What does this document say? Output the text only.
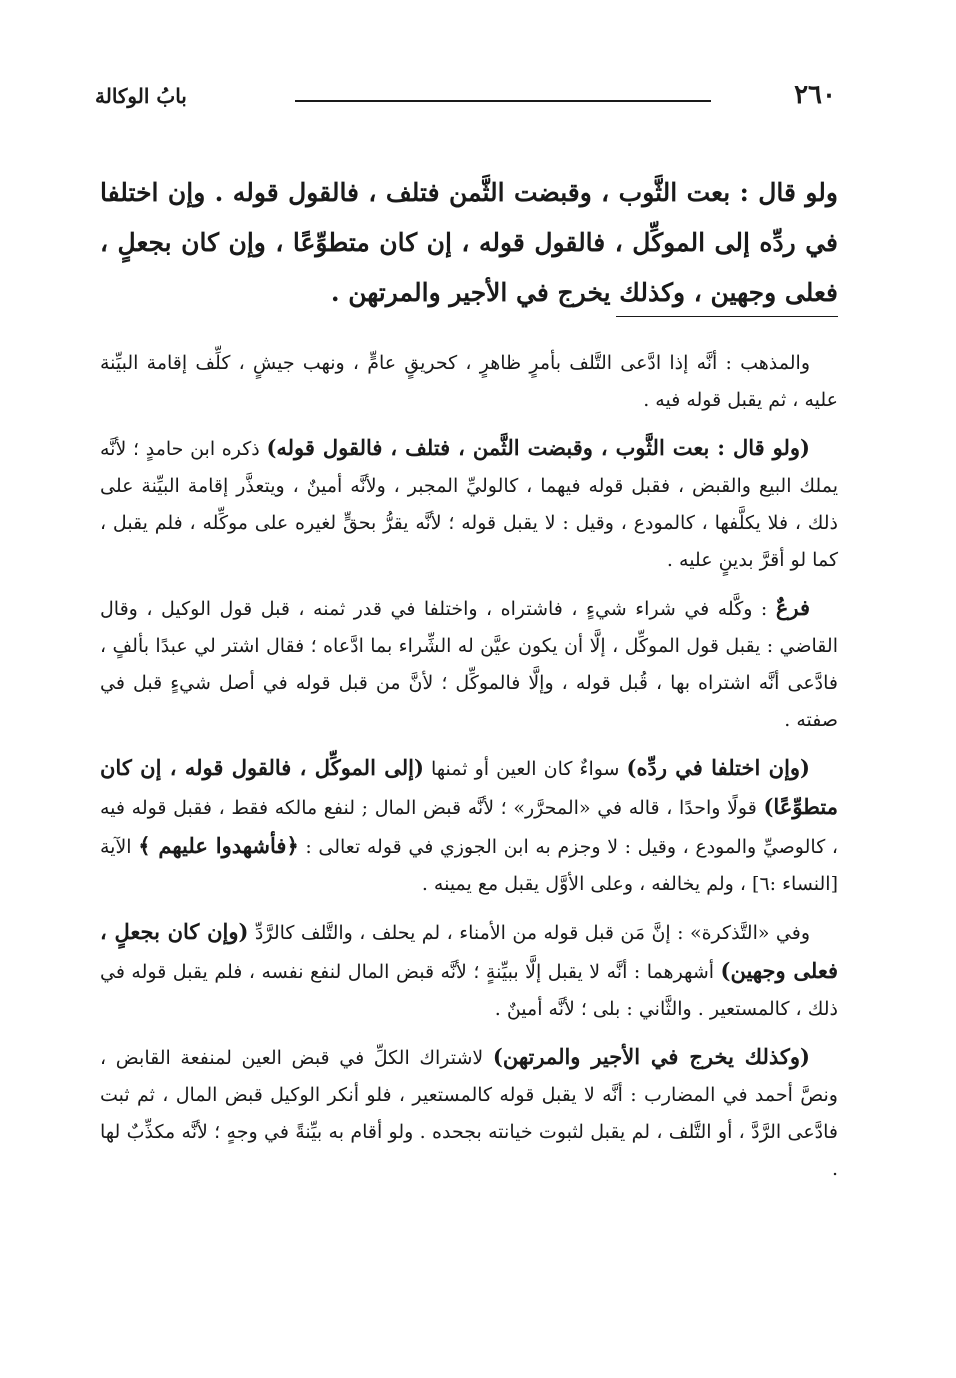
٢٦٠
بابُ الوكالة
ولو قال : بعت الثَّوب ، وقبضت الثَّمن فتلف ، فالقول قوله . وإن اختلفا في ردِّه إلى الموكِّل ، فالقول قوله ، إن كان متطوِّعًا ، وإن كان بجعلٍ ، فعلى وجهين ، وكذلك يخرج في الأجير والمرتهن .

والمذهب : أنَّه إذا ادَّعى التَّلف بأمرٍ ظاهرٍ ، كحريقٍ عامٍّ ، ونهب جيشٍ ، كلِّف إقامة البيِّنة عليه ، ثم يقبل قوله فيه .

(ولو قال : بعت الثَّوب ، وقبضت الثَّمن ، فتلف ، فالقول قوله) ذكره ابن حامدٍ ؛ لأنَّه يملك البيع والقبض ، فقبل قوله فيهما ، كالوليِّ المجبر ، ولأنَّه أمينٌ ، ويتعذَّر إقامة البيِّنة على ذلك ، فلا يكلَّفها ، كالمودع ، وقيل : لا يقبل قوله ؛ لأنَّه يقرُّ بحقٍّ لغيره على موكِّله ، فلم يقبل ، كما لو أقرَّ بدينٍ عليه .

فرعٌ : وكَّله في شراء شيءٍ ، فاشتراه ، واختلفا في قدر ثمنه ، قبل قول الوكيل ، وقال القاضي : يقبل قول الموكِّل ، إلَّا أن يكون عيَّن له الشِّراء بما ادَّعاه ؛ فقال اشتر لي عبدًا بألفٍ ، فادَّعى أنَّه اشتراه بها ، قُبل قوله ، وإلَّا فالموكِّل ؛ لأنَّ من قبل قوله في أصل شيءٍ قبل في صفته .

(وإن اختلفا في ردِّه) سواءٌ كان العين أو ثمنها (إلى الموكِّل ، فالقول قوله ، إن كان متطوِّعًا) قولًا واحدًا ، قاله في «المحرَّر» ؛ لأنَّه قبض المال ; لنفع مالكه فقط ، فقبل قوله فيه ، كالوصيِّ والمودع ، وقيل : لا وجزم به ابن الجوزي في قوله تعالى : ﴿فأشهدوا عليهم ﴾ الآية [النساء :٦] ، ولم يخالفه ، وعلى الأوَّل يقبل مع يمينه .

وفي «التَّذكرة» : إنَّ مَن قبل قوله من الأمناء ، لم يحلف ، والتَّلف كالرَّدِّ (وإن كان بجعلٍ ، فعلى وجهين) أشهرهما : أنَّه لا يقبل إلَّا ببيِّنةٍ ؛ لأنَّه قبض المال لنفع نفسه ، فلم يقبل قوله في ذلك ، كالمستعير . والثَّاني : بلى ؛ لأنَّه أمينٌ .

(وكذلك يخرج في الأجير والمرتهن) لاشتراك الكلِّ في قبض العين لمنفعة القابض ، ونصَّ أحمد في المضارب : أنَّه لا يقبل قوله كالمستعير ، فلو أنكر الوكيل قبض المال ، ثم ثبت فادَّعى الرَّدَّ ، أو التَّلف ، لم يقبل لثبوت خيانته بجحده . ولو أقام به بيِّنةً في وجهٍ ؛ لأنَّه مكذِّبٌ لها .
